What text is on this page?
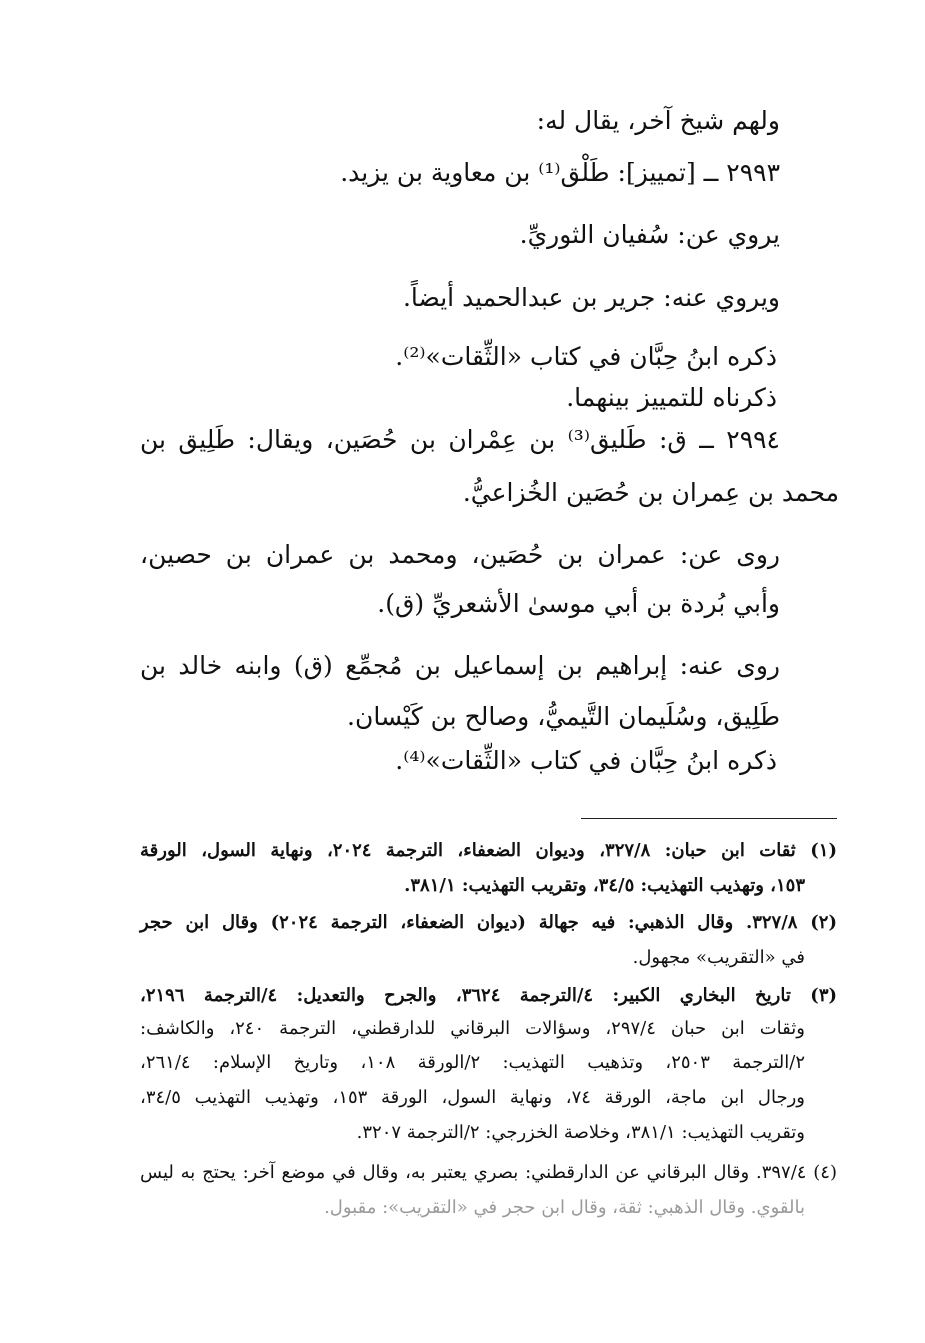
ولهم شيخ آخر، يقال له:
٢٩٩٣ ــ [تمييز]: طَلْق⁽¹⁾ بن معاوية بن يزيد.
يروي عن: سُفيان الثوريِّ.
ويروي عنه: جرير بن عبدالحميد أيضاً.
ذكره ابنُ حِبَّان في كتاب «الثِّقات»⁽²⁾.
ذكرناه للتمييز بينهما.
٢٩٩٤ ــ ق: طَليق⁽³⁾ بن عِمْران بن حُصَين، ويقال: طَلِيق بن
محمد بن عِمران بن حُصَين الخُزاعيُّ.
روى عن: عمران بن حُصَين، ومحمد بن عمران بن حصين،
وأبي بُردة بن أبي موسىٰ الأشعريِّ (ق).
روى عنه: إبراهيم بن إسماعيل بن مُجمِّع (ق) وابنه خالد بن
طَلِيق، وسُلَيمان التَّيميُّ، وصالح بن كَيْسان.
ذكره ابنُ حِبَّان في كتاب «الثِّقات»⁽⁴⁾.
(١) ثقات ابن حبان: ٣٢٧/٨، وديوان الضعفاء، الترجمة ٢٠٢٤، ونهاية السول، الورقة
١٥٣، وتهذيب التهذيب: ٣٤/٥، وتقريب التهذيب: ٣٨١/١.
(٢) ٣٢٧/٨. وقال الذهبي: فيه جهالة (ديوان الضعفاء، الترجمة ٢٠٢٤) وقال ابن حجر
في «التقريب» مجهول.
(٣) تاريخ البخاري الكبير: ٤/الترجمة ٣٦٢٤، والجرح والتعديل: ٤/الترجمة ٢١٩٦،
وثقات ابن حبان ٢٩٧/٤، وسؤالات البرقاني للدارقطني، الترجمة ٢٤٠، والكاشف:
٢/الترجمة ٢٥٠٣، وتذهيب التهذيب: ٢/الورقة ١٠٨، وتاريخ الإسلام: ٢٦١/٤،
ورجال ابن ماجة، الورقة ٧٤، ونهاية السول، الورقة ١٥٣، وتهذيب التهذيب ٣٤/٥،
وتقريب التهذيب: ٣٨١/١، وخلاصة الخزرجي: ٢/الترجمة ٣٢٠٧.
(٤) ٣٩٧/٤. وقال البرقاني عن الدارقطني: بصري يعتبر به، وقال في موضع آخر: يحتج به ليس
بالقوي. وقال الذهبي: ثقة، وقال ابن حجر في «التقريب»: مقبول.
